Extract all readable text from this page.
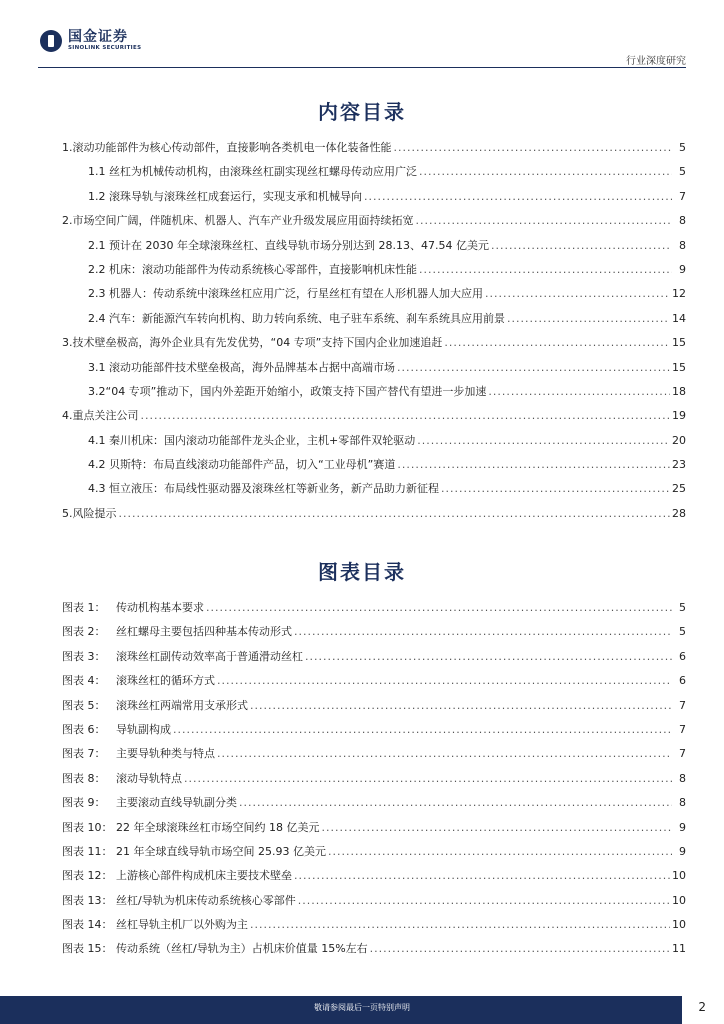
国金证券
SINOLINK SECURITIES
行业深度研究
内容目录
1.滚动功能部件为核心传动部件，直接影响各类机电一体化装备性能 .....	5
1.1 丝杠为机械传动机构，由滚珠丝杠副实现丝杠螺母传动应用广泛 .....	5
1.2 滚珠导轨与滚珠丝杠成套运行，实现支承和机械导向 .....	7
2.市场空间广阔，伴随机床、机器人、汽车产业升级发展应用面持续拓宽 .....	8
2.1 预计在 2030 年全球滚珠丝杠、直线导轨市场分别达到 28.13、47.54 亿美元 .....	8
2.2 机床：滚动功能部件为传动系统核心零部件，直接影响机床性能 .....	9
2.3 机器人：传动系统中滚珠丝杠应用广泛，行星丝杠有望在人形机器人加大应用 .....	12
2.4 汽车：新能源汽车转向机构、助力转向系统、电子驻车系统、刹车系统具应用前景 .....	14
3.技术壁垒极高，海外企业具有先发优势，“04 专项”支持下国内企业加速追赶 .....	15
3.1 滚动功能部件技术壁垒极高，海外品牌基本占据中高端市场 .....	15
3.2“04 专项”推动下，国内外差距开始缩小，政策支持下国产替代有望进一步加速 .....	18
4.重点关注公司 .....	19
4.1 秦川机床：国内滚动功能部件龙头企业，主机+零部件双轮驱动 .....	20
4.2 贝斯特：布局直线滚动功能部件产品，切入“工业母机”赛道 .....	23
4.3 恒立液压：布局线性驱动器及滚珠丝杠等新业务，新产品助力新征程 .....	25
5.风险提示 .....	28
图表目录
图表 1： 传动机构基本要求 .....	5
图表 2： 丝杠螺母主要包括四种基本传动形式 .....	5
图表 3： 滚珠丝杠副传动效率高于普通滑动丝杠 .....	6
图表 4： 滚珠丝杠的循环方式 .....	6
图表 5： 滚珠丝杠两端常用支承形式 .....	7
图表 6： 导轨副构成 .....	7
图表 7： 主要导轨种类与特点 .....	7
图表 8： 滚动导轨特点 .....	8
图表 9： 主要滚动直线导轨副分类 .....	8
图表 10： 22 年全球滚珠丝杠市场空间约 18 亿美元 .....	9
图表 11： 21 年全球直线导轨市场空间 25.93 亿美元 .....	9
图表 12： 上游核心部件构成机床主要技术壁垒 .....	10
图表 13： 丝杠/导轨为机床传动系统核心零部件 .....	10
图表 14： 丝杠导轨主机厂以外购为主 .....	10
图表 15： 传动系统（丝杠/导轨为主）占机床价值量 15%左右 .....	11
敬请参阅最后一页特别声明	2
